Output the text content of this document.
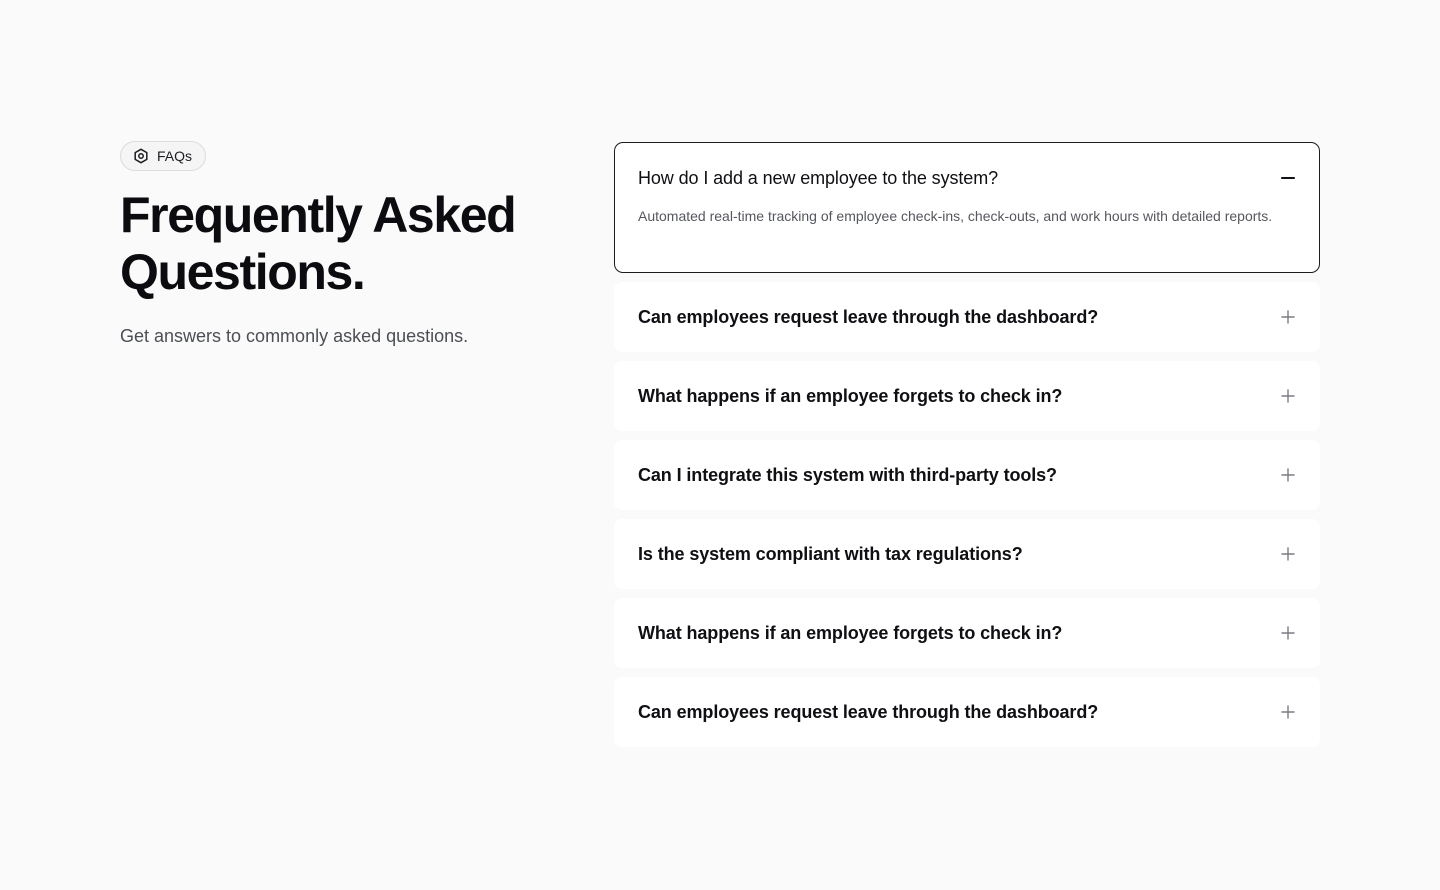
FAQs
Frequently Asked
Questions.

Get answers to commonly asked questions.

How do I add a new employee to the system?
Automated real-time tracking of employee check-ins, check-outs, and work hours with detailed reports.
Can employees request leave through the dashboard?
What happens if an employee forgets to check in?
Can I integrate this system with third-party tools?
Is the system compliant with tax regulations?
What happens if an employee forgets to check in?
Can employees request leave through the dashboard?
